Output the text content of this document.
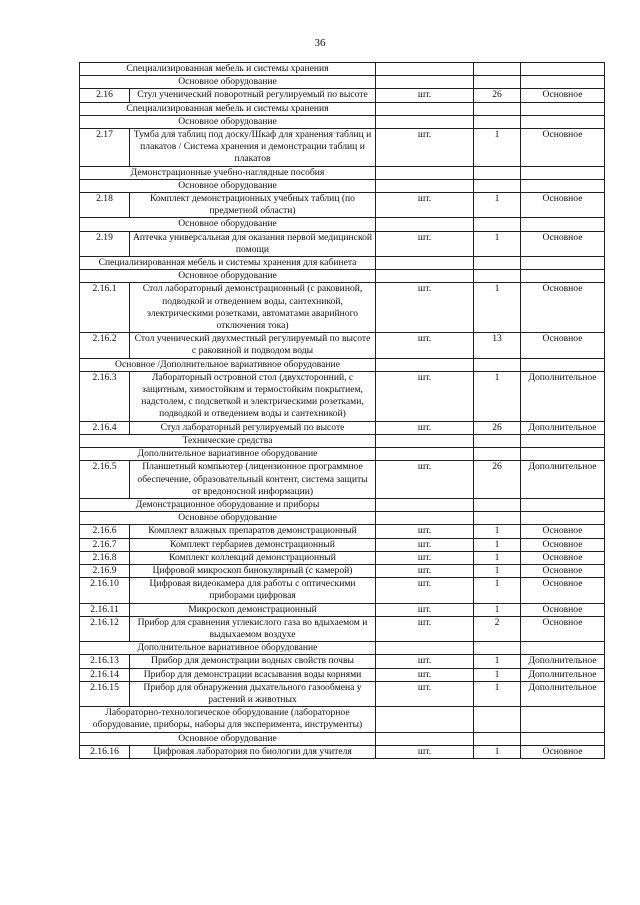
36
Специализированная мебель и системы хранения				
Основное оборудование				
2.16	Стул ученический поворотный регулируемый по высоте	шт.	26	Основное
Специализированная мебель и системы хранения				
Основное оборудование				
2.17	Тумба для таблиц под доску/Шкаф для хранения таблиц и плакатов / Система хранения и демонстрации таблиц и плакатов	шт.	1	Основное
Демонстрационные учебно-наглядные пособия				
Основное оборудование				
2.18	Комплект демонстрационных учебных таблиц (по предметной области)	шт.	1	Основное
Основное оборудование				
2.19	Аптечка универсальная для оказания первой медицинской помощи	шт.	1	Основное
Специализированная мебель и системы хранения для кабинета				
Основное оборудование				
2.16.1	Стол лабораторный демонстрационный (с раковиной, подводкой и отведением воды, сантехникой, электрическими розетками, автоматами аварийного отключения тока)	шт.	1	Основное
2.16.2	Стол ученический двухместный регулируемый по высоте с раковиной и подводом воды	шт.	13	Основное
Основное /Дополнительное вариативное оборудование				
2.16.3	Лабораторный островной стол (двухсторонний, с защитным, химостойким и термостойким покрытием, надстолем, с подсветкой и электрическими розетками, подводкой и отведением воды и сантехникой)	шт.	1	Дополнительное
2.16.4	Стул лабораторный регулируемый по высоте	шт.	26	Дополнительное
Технические средства				
Дополнительное вариативное оборудование				
2.16.5	Планшетный компьютер (лицензионное программное обеспечение, образовательный контент, система защиты от вредоносной информации)	шт.	26	Дополнительное
Демонстрационное оборудование и приборы				
Основное оборудование				
2.16.6	Комплект влажных препаратов демонстрационный	шт.	1	Основное
2.16.7	Комплект гербариев демонстрационный	шт.	1	Основное
2.16.8	Комплект коллекций демонстрационный	шт.	1	Основное
2.16.9	Цифровой микроскоп бинокулярный (с камерой)	шт.	1	Основное
2.16.10	Цифровая видеокамера для работы с оптическими приборами цифровая	шт.	1	Основное
2.16.11	Микроскоп демонстрационный	шт.	1	Основное
2.16.12	Прибор для сравнения углекислого газа во вдыхаемом и выдыхаемом воздухе	шт.	2	Основное
Дополнительное вариативное оборудование				
2.16.13	Прибор для демонстрации водных свойств почвы	шт.	1	Дополнительное
2.16.14	Прибор для демонстрации всасывания воды корнями	шт.	1	Дополнительное
2.16.15	Прибор для обнаружения дыхательного газообмена у растений и животных	шт.	1	Дополнительное
Лабораторно-технологическое оборудование (лабораторное оборудование, приборы, наборы для эксперимента, инструменты)				
Основное оборудование				
2.16.16	Цифровая лаборатория по биологии для учителя	шт.	1	Основное
